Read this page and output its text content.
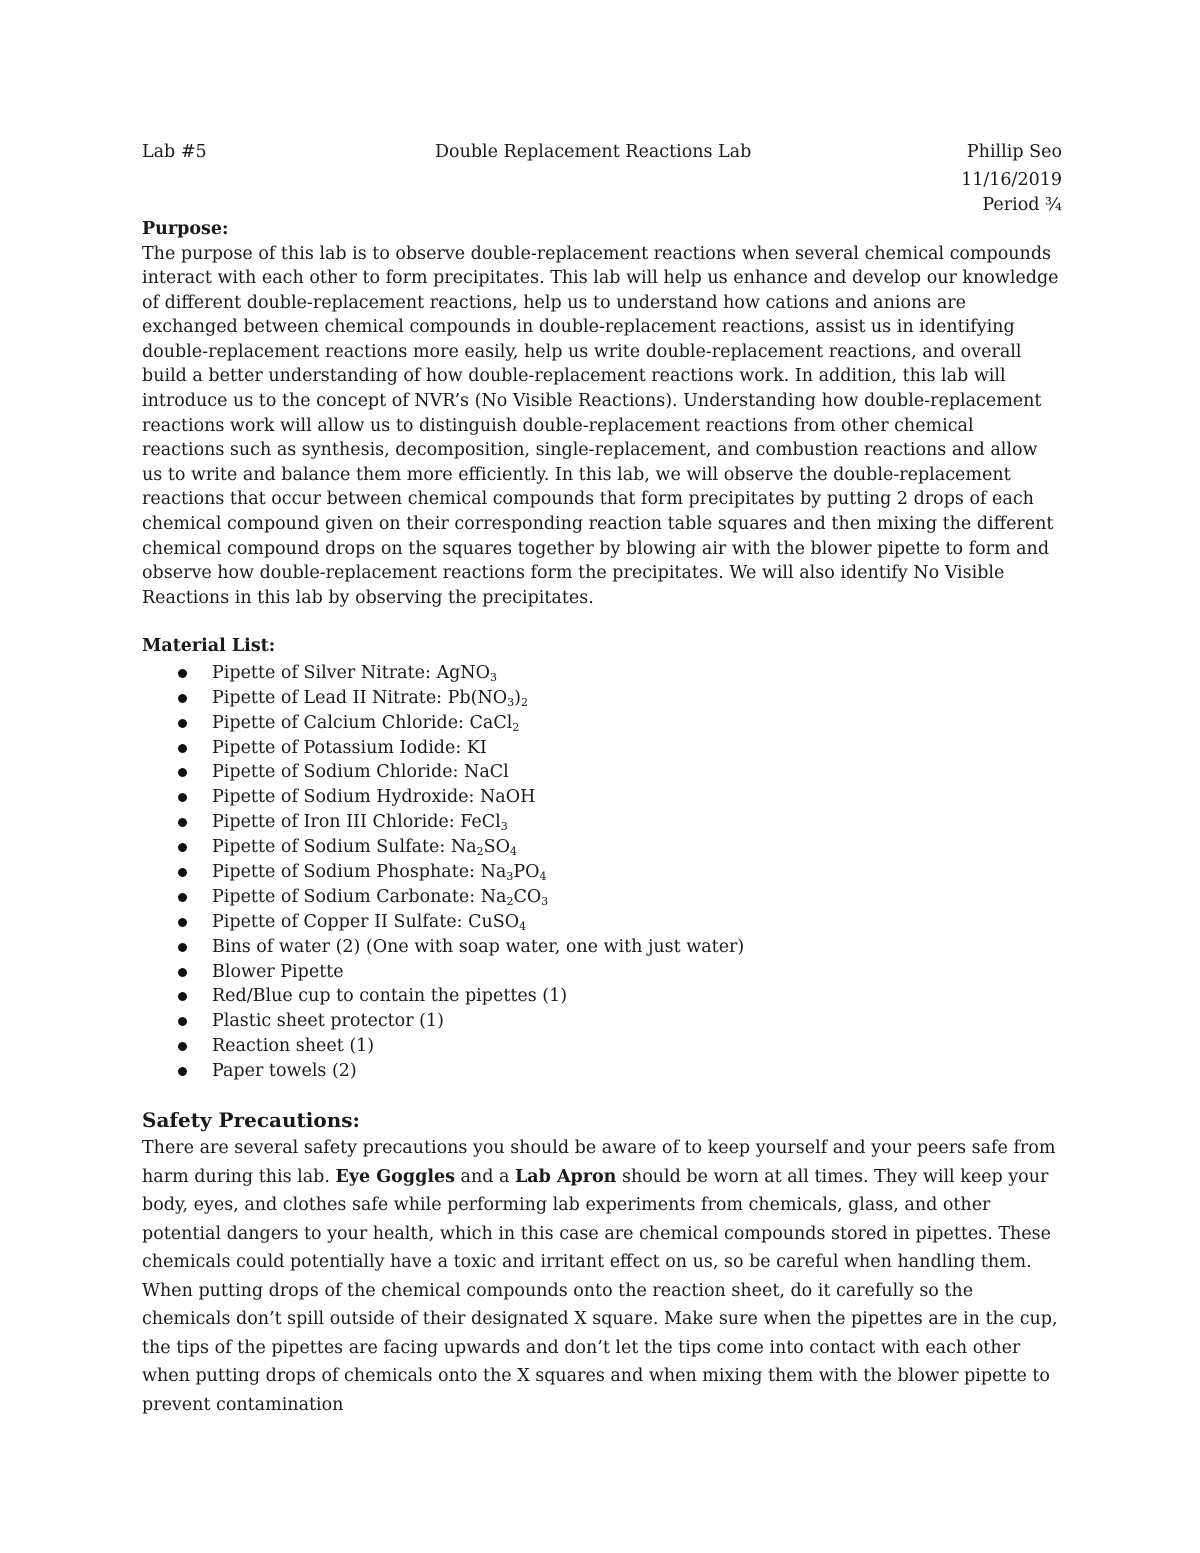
Lab #5	Double Replacement Reactions Lab	Phillip Seo
11/16/2019
Period ¾
Purpose:

The purpose of this lab is to observe double-replacement reactions when several chemical compounds interact with each other to form precipitates. This lab will help us enhance and develop our knowledge of different double-replacement reactions, help us to understand how cations and anions are exchanged between chemical compounds in double-replacement reactions, assist us in identifying double-replacement reactions more easily, help us write double-replacement reactions, and overall build a better understanding of how double-replacement reactions work. In addition, this lab will introduce us to the concept of NVR’s (No Visible Reactions). Understanding how double-replacement reactions work will allow us to distinguish double-replacement reactions from other chemical reactions such as synthesis, decomposition, single-replacement, and combustion reactions and allow us to write and balance them more efficiently. In this lab, we will observe the double-replacement reactions that occur between chemical compounds that form precipitates by putting 2 drops of each chemical compound given on their corresponding reaction table squares and then mixing the different chemical compound drops on the squares together by blowing air with the blower pipette to form and observe how double-replacement reactions form the precipitates. We will also identify No Visible Reactions in this lab by observing the precipitates.

Material List:
Pipette of Silver Nitrate: AgNO$_3$
Pipette of Lead II Nitrate: $Pb(NO_3)_2$
Pipette of Calcium Chloride: CaCl$_2$
Pipette of Potassium Iodide: KI
Pipette of Sodium Chloride: NaCl
Pipette of Sodium Hydroxide: NaOH
Pipette of Iron III Chloride: FeCl$_3$
Pipette of Sodium Sulfate: $Na_2SO_4$
Pipette of Sodium Phosphate: $Na_3PO_4$
Pipette of Sodium Carbonate: $Na_2CO_3$
Pipette of Copper II Sulfate: CuSO$_4$
Bins of water (2) (One with soap water, one with just water)
Blower Pipette
Red/Blue cup to contain the pipettes (1)
Plastic sheet protector (1)
Reaction sheet (1)
Paper towels (2)
Safety Precautions:

There are several safety precautions you should be aware of to keep yourself and your peers safe from harm during this lab. Eye Goggles and a Lab Apron should be worn at all times. They will keep your body, eyes, and clothes safe while performing lab experiments from chemicals, glass, and other potential dangers to your health, which in this case are chemical compounds stored in pipettes. These chemicals could potentially have a toxic and irritant effect on us, so be careful when handling them. When putting drops of the chemical compounds onto the reaction sheet, do it carefully so the chemicals don’t spill outside of their designated X square. Make sure when the pipettes are in the cup, the tips of the pipettes are facing upwards and don’t let the tips come into contact with each other when putting drops of chemicals onto the X squares and when mixing them with the blower pipette to prevent contamination
